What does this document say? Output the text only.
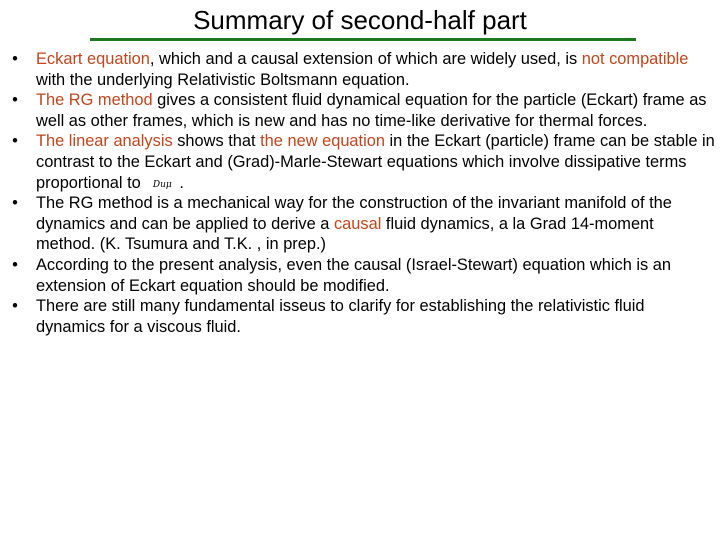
Summary of second-half part
• Eckart equation, which and a causal extension of which are widely used, is not compatible with the underlying Relativistic Boltsmann equation.
• The RG method gives a consistent fluid dynamical equation for the particle (Eckart) frame as well as other frames, which is new and has no time-like derivative for thermal forces.
• The linear analysis shows that the new equation in the Eckart (particle) frame can be stable in contrast to the Eckart and (Grad)-Marle-Stewart equations which involve dissipative terms proportional to Duμ .
• The RG method is a mechanical way for the construction of the invariant manifold of the dynamics and can be applied to derive a causal fluid dynamics, a la Grad 14-moment method. (K. Tsumura and T.K. , in prep.)
• According to the present analysis, even the causal (Israel-Stewart) equation which is an extension of Eckart equation should be modified.
• There are still many fundamental isseus to clarify for establishing the relativistic fluid dynamics for a viscous fluid.
